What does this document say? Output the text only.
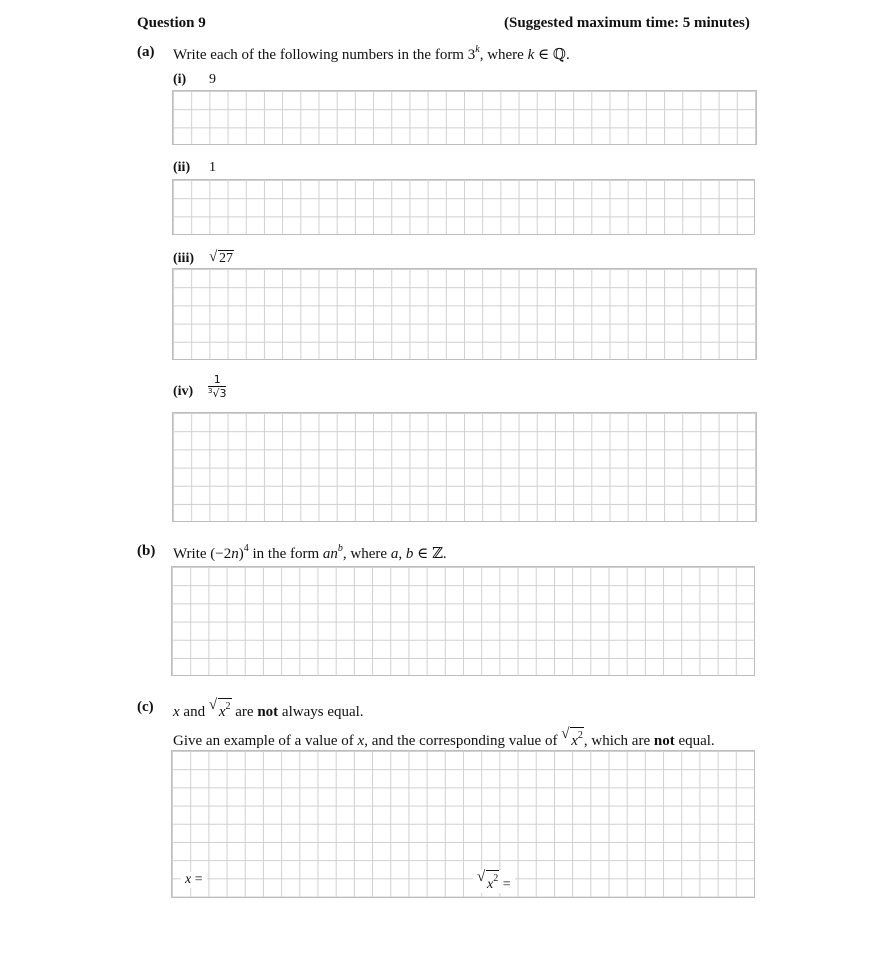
Question 9	(Suggested maximum time: 5 minutes)
(a) Write each of the following numbers in the form 3$^k$, where k ∈ ℚ.
(i) 9
(ii) 1
(iii) √ 27
$(iv) \frac{1}{^3√3}$
(b) Write $(-2n)^4$ in the form $an^b$, where a, b ∈ ℤ.
(c) x and √ $x^2$ are not always equal.
Give an example of a value of x, and the corresponding value of √ $x^2$, which are not equal.
x =	√ $x^2$ =
